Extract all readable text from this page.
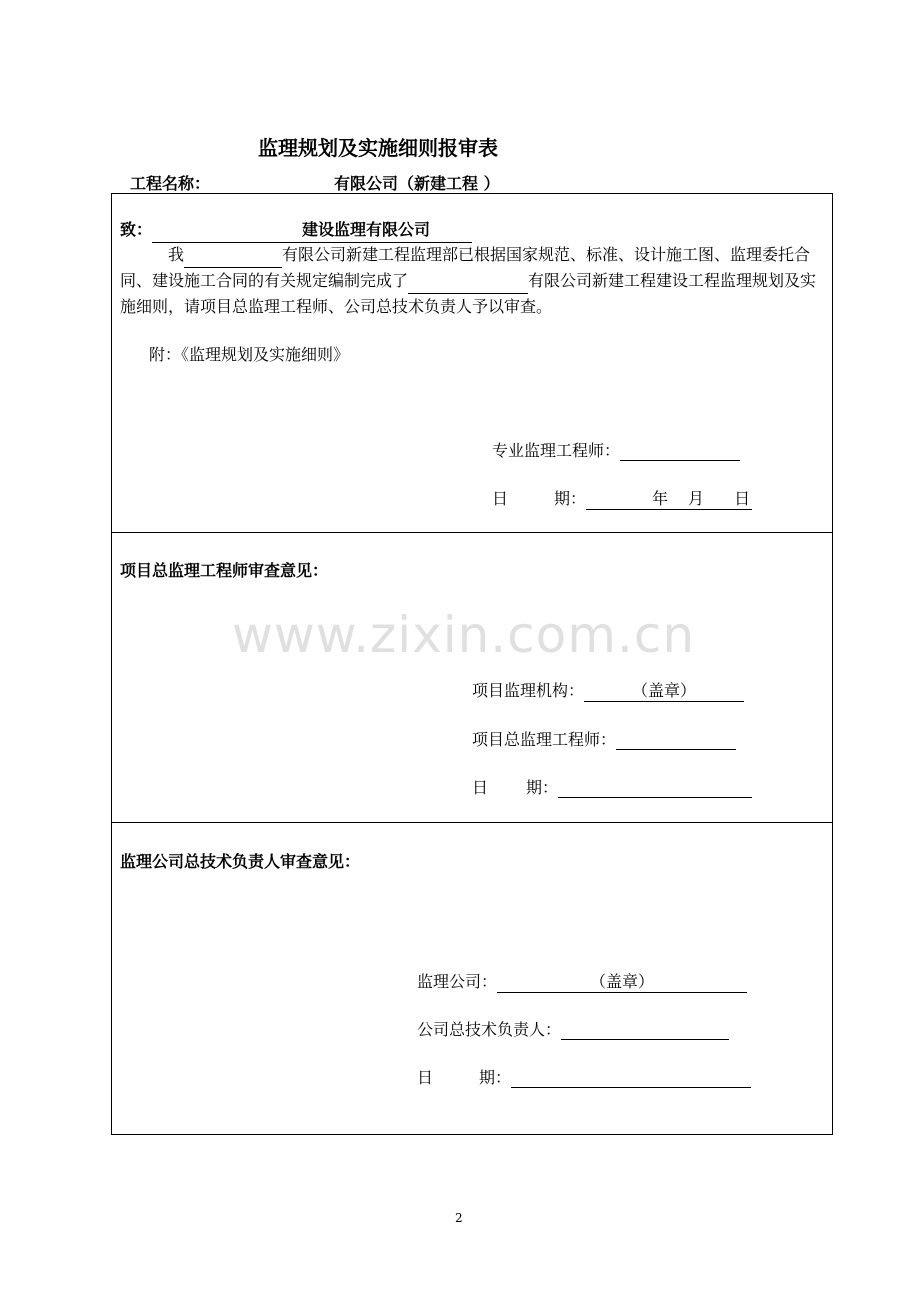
监理规划及实施细则报审表
工程名称：	有限公司（新建工程 ）
致：	建设监理有限公司
我	有限公司新建工程监理部已根据国家规范、标准、设计施工图、监理委托合同、建设施工合同的有关规定编制完成了	有限公司新建工程建设工程监理规划及实施细则，请项目总监理工程师、公司总技术负责人予以审查。
附：《监理规划及实施细则》
专业监理工程师：
日	期：	年 月 日
项目总监理工程师审查意见：
项目监理机构：	（盖章）
项目总监理工程师：
日 期：
监理公司总技术负责人审查意见：
监理公司：	（盖章）
公司总技术负责人：
日	期：
www.zixin.com.cn
2
